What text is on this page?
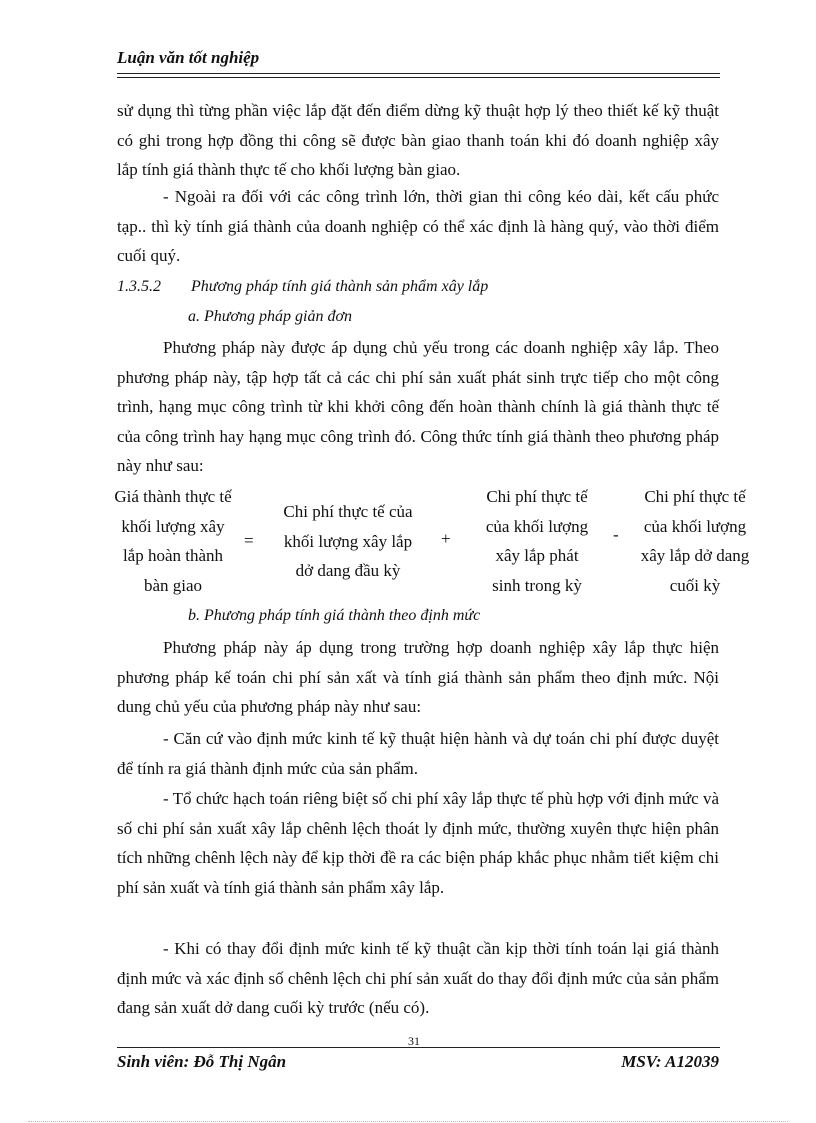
Luận văn tốt nghiệp

sử dụng thì từng phần việc lắp đặt đến điểm dừng kỹ thuật hợp lý theo thiết kế kỹ thuật có ghi trong hợp đồng thi công sẽ được bàn giao thanh toán khi đó doanh nghiệp xây lắp tính giá thành thực tế cho khối lượng bàn giao.

- Ngoài ra đối với các công trình lớn, thời gian thi công kéo dài, kết cấu phức tạp.. thì kỳ tính giá thành của doanh nghiệp có thể xác định là hàng quý, vào thời điểm cuối quý.

1.3.5.2 Phương pháp tính giá thành sản phẩm xây lắp
a. Phương pháp giản đơn

Phương pháp này được áp dụng chủ yếu trong các doanh nghiệp xây lắp. Theo phương pháp này, tập hợp tất cả các chi phí sản xuất phát sinh trực tiếp cho một công trình, hạng mục công trình từ khi khởi công đến hoàn thành chính là giá thành thực tế của công trình hay hạng mục công trình đó. Công thức tính giá thành theo phương pháp này như sau:

Giá thành thực tế
khối lượng xây
lắp hoàn thành
bàn giao
=
Chi phí thực tế của
khối lượng xây lắp
dở dang đầu kỳ
+
Chi phí thực tế
của khối lượng
xây lắp phát
sinh trong kỳ
-
Chi phí thực tế
của khối lượng
xây lắp dở dang
cuối kỳ
b. Phương pháp tính giá thành theo định mức

Phương pháp này áp dụng trong trường hợp doanh nghiệp xây lắp thực hiện phương pháp kế toán chi phí sản xất và tính giá thành sản phẩm theo định mức. Nội dung chủ yếu của phương pháp này như sau:

- Căn cứ vào định mức kinh tế kỹ thuật hiện hành và dự toán chi phí được duyệt để tính ra giá thành định mức của sản phẩm.

- Tổ chức hạch toán riêng biệt số chi phí xây lắp thực tế phù hợp với định mức và số chi phí sản xuất xây lắp chênh lệch thoát ly định mức, thường xuyên thực hiện phân tích những chênh lệch này để kịp thời đề ra các biện pháp khắc phục nhằm tiết kiệm chi phí sản xuất và tính giá thành sản phẩm xây lắp.

- Khi có thay đổi định mức kinh tế kỹ thuật cần kịp thời tính toán lại giá thành định mức và xác định số chênh lệch chi phí sản xuất do thay đổi định mức của sản phẩm đang sản xuất dở dang cuối kỳ trước (nếu có).

31
Sinh viên: Đỗ Thị Ngân	MSV: A12039
